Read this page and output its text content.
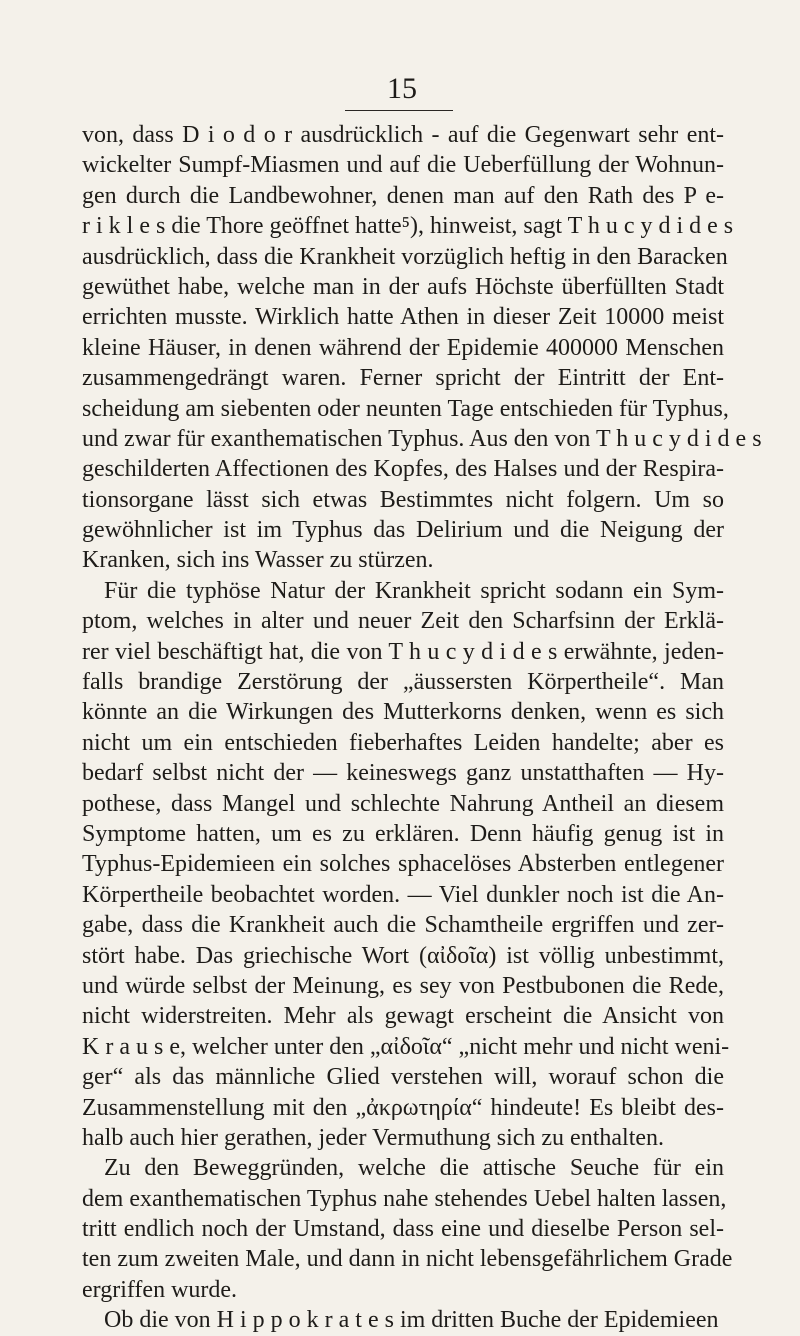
15
von, dass D i o d o r ausdrücklich - auf die Gegenwart sehr ent-
wickelter Sumpf-Miasmen und auf die Ueberfüllung der Wohnun-
gen durch die Landbewohner, denen man auf den Rath des P e-
r i k l e s die Thore geöffnet hatte⁵), hinweist, sagt T h u c y d i d e s
ausdrücklich, dass die Krankheit vorzüglich heftig in den Baracken
gewüthet habe, welche man in der aufs Höchste überfüllten Stadt
errichten musste. Wirklich hatte Athen in dieser Zeit 10000 meist
kleine Häuser, in denen während der Epidemie 400000 Menschen
zusammengedrängt waren. Ferner spricht der Eintritt der Ent-
scheidung am siebenten oder neunten Tage entschieden für Typhus,
und zwar für exanthematischen Typhus. Aus den von T h u c y d i d e s
geschilderten Affectionen des Kopfes, des Halses und der Respira-
tionsorgane lässt sich etwas Bestimmtes nicht folgern. Um so
gewöhnlicher ist im Typhus das Delirium und die Neigung der
Kranken, sich ins Wasser zu stürzen.
Für die typhöse Natur der Krankheit spricht sodann ein Sym-
ptom, welches in alter und neuer Zeit den Scharfsinn der Erklä-
rer viel beschäftigt hat, die von T h u c y d i d e s erwähnte, jeden-
falls brandige Zerstörung der „äussersten Körpertheile“. Man
könnte an die Wirkungen des Mutterkorns denken, wenn es sich
nicht um ein entschieden fieberhaftes Leiden handelte; aber es
bedarf selbst nicht der — keineswegs ganz unstatthaften — Hy-
pothese, dass Mangel und schlechte Nahrung Antheil an diesem
Symptome hatten, um es zu erklären. Denn häufig genug ist in
Typhus-Epidemieen ein solches sphacelöses Absterben entlegener
Körpertheile beobachtet worden. — Viel dunkler noch ist die An-
gabe, dass die Krankheit auch die Schamtheile ergriffen und zer-
stört habe. Das griechische Wort (αἰδοῖα) ist völlig unbestimmt,
und würde selbst der Meinung, es sey von Pestbubonen die Rede,
nicht widerstreiten. Mehr als gewagt erscheint die Ansicht von
K r a u s e, welcher unter den „αἰδοῖα“ „nicht mehr und nicht weni-
ger“ als das männliche Glied verstehen will, worauf schon die
Zusammenstellung mit den „ἀκρωτηρία“ hindeute! Es bleibt des-
halb auch hier gerathen, jeder Vermuthung sich zu enthalten.
Zu den Beweggründen, welche die attische Seuche für ein
dem exanthematischen Typhus nahe stehendes Uebel halten lassen,
tritt endlich noch der Umstand, dass eine und dieselbe Person sel-
ten zum zweiten Male, und dann in nicht lebensgefährlichem Grade
ergriffen wurde.
Ob die von H i p p o k r a t e s im dritten Buche der Epidemieen
